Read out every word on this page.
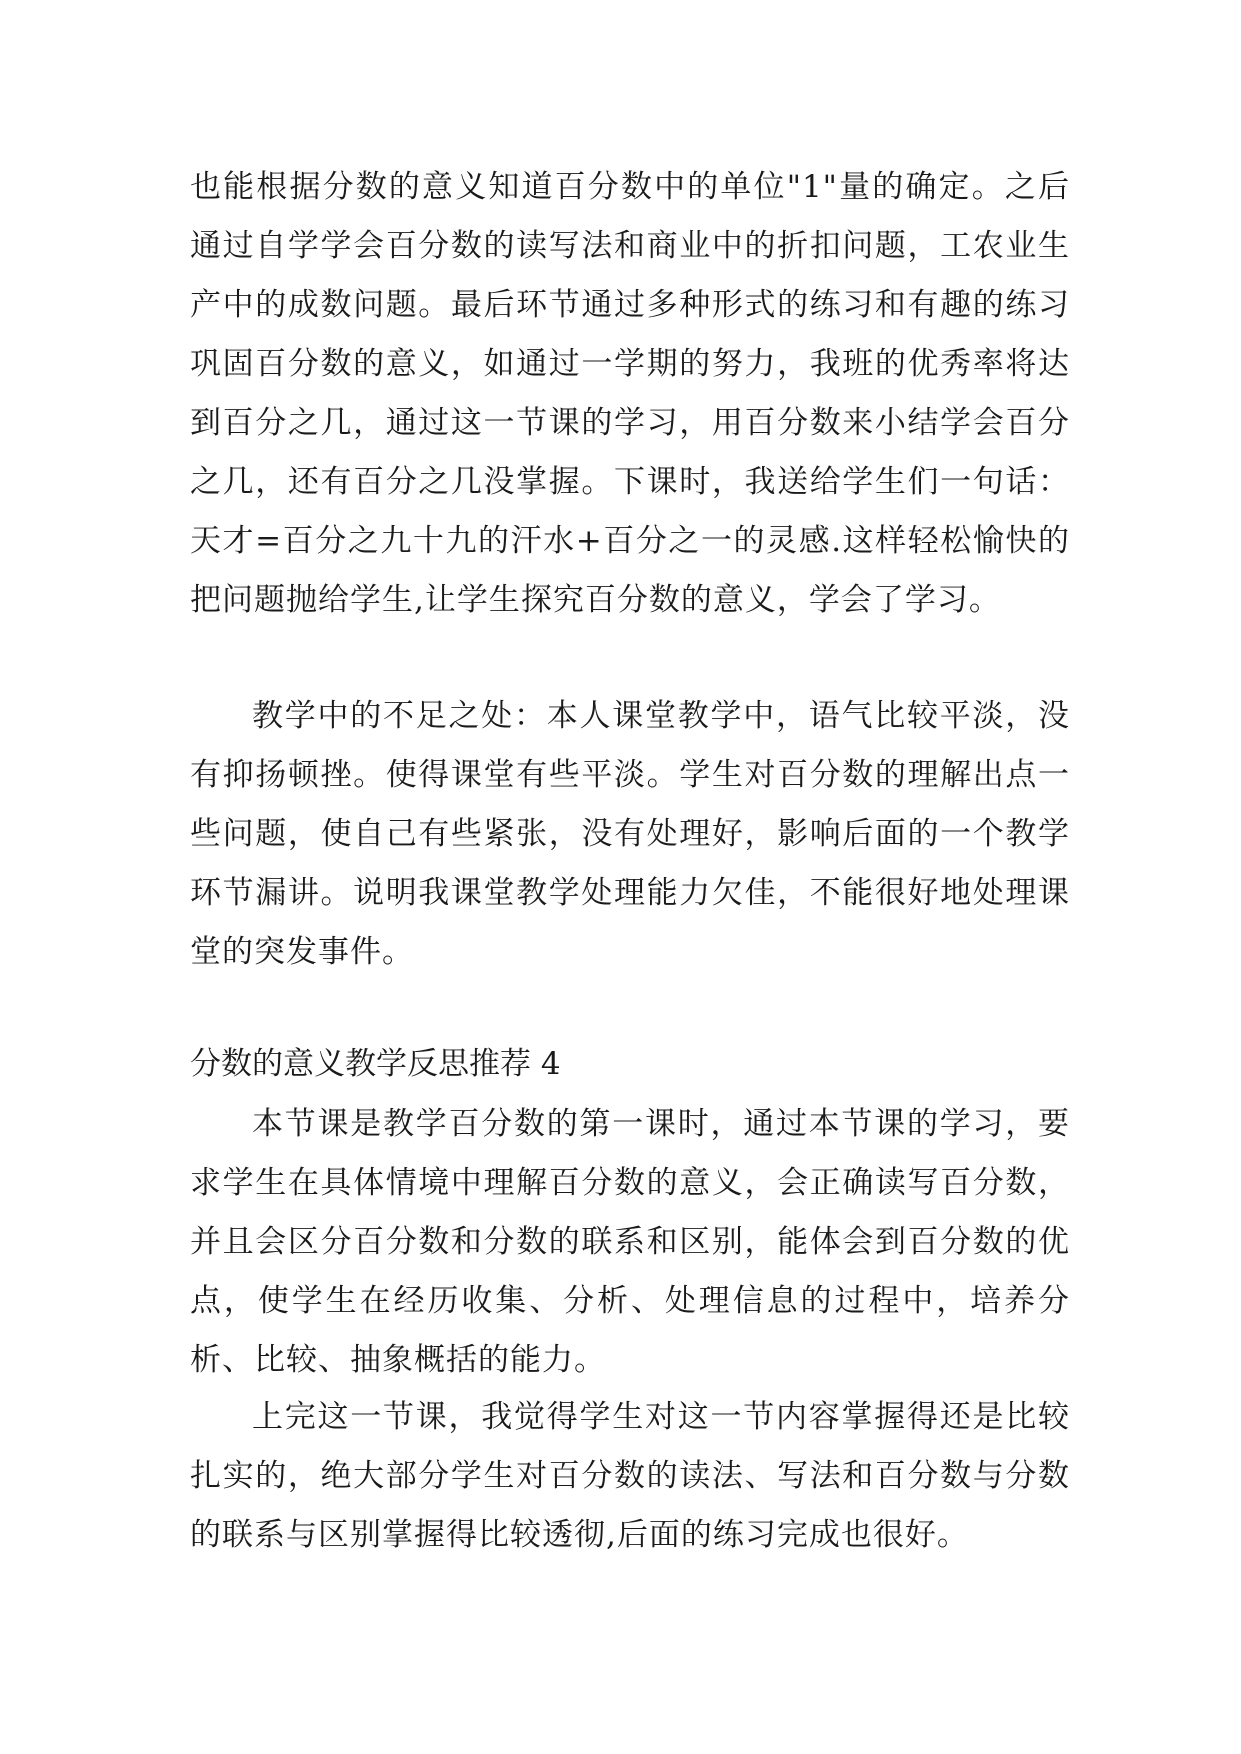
也能根据分数的意义知道百分数中的单位"1"量的确定。之后通过自学学会百分数的读写法和商业中的折扣问题，工农业生产中的成数问题。最后环节通过多种形式的练习和有趣的练习巩固百分数的意义，如通过一学期的努力，我班的优秀率将达到百分之几，通过这一节课的学习，用百分数来小结学会百分之几，还有百分之几没掌握。下课时，我送给学生们一句话：天才=百分之九十九的汗水+百分之一的灵感.这样轻松愉快的把问题抛给学生,让学生探究百分数的意义，学会了学习。
教学中的不足之处：本人课堂教学中，语气比较平淡，没有抑扬顿挫。使得课堂有些平淡。学生对百分数的理解出点一些问题，使自己有些紧张，没有处理好，影响后面的一个教学环节漏讲。说明我课堂教学处理能力欠佳，不能很好地处理课堂的突发事件。
分数的意义教学反思推荐 4
本节课是教学百分数的第一课时，通过本节课的学习，要求学生在具体情境中理解百分数的意义，会正确读写百分数，并且会区分百分数和分数的联系和区别，能体会到百分数的优点，使学生在经历收集、分析、处理信息的过程中，培养分析、比较、抽象概括的能力。
上完这一节课，我觉得学生对这一节内容掌握得还是比较扎实的，绝大部分学生对百分数的读法、写法和百分数与分数的联系与区别掌握得比较透彻,后面的练习完成也很好。
